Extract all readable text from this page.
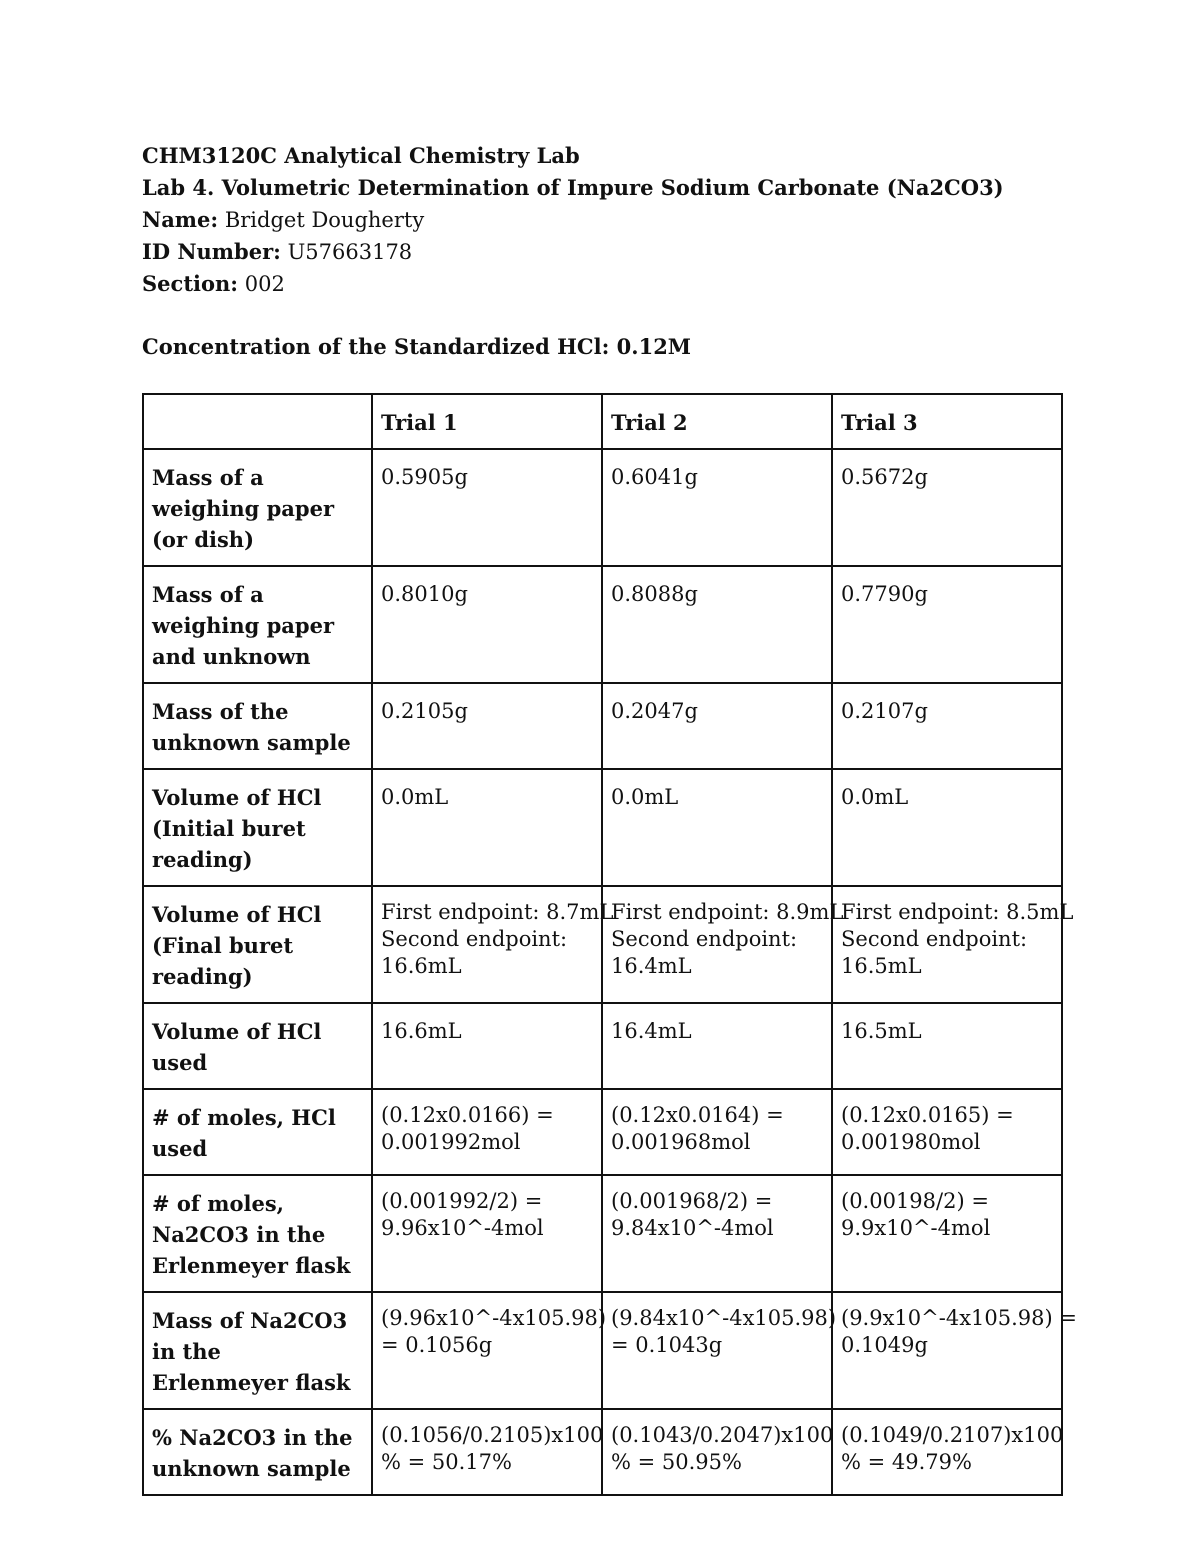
CHM3120C Analytical Chemistry Lab
Lab 4. Volumetric Determination of Impure Sodium Carbonate (Na2CO3)
Name: Bridget Dougherty
ID Number: U57663178
Section: 002
Concentration of the Standardized HCl: 0.12M
	Trial 1	Trial 2	Trial 3
Mass of a weighing paper (or dish)	0.5905g	0.6041g	0.5672g

Mass of a weighing paper and unknown	0.8010g	0.8088g	0.7790g

Mass of the unknown sample	0.2105g	0.2047g	0.2107g

Volume of HCl (Initial buret reading)	0.0mL	0.0mL	0.0mL

Volume of HCl (Final buret reading)	First endpoint: 8.7mL
Second endpoint:
16.6mL	First endpoint: 8.9mL
Second endpoint:
16.4mL	First endpoint: 8.5mL
Second endpoint:
16.5mL

Volume of HCl used	16.6mL	16.4mL	16.5mL

# of moles, HCl used	(0.12x0.0166) =
0.001992mol	(0.12x0.0164) =
0.001968mol	(0.12x0.0165) =
0.001980mol

# of moles, Na2CO3 in the Erlenmeyer flask	(0.001992/2) =
9.96x10^-4mol	(0.001968/2) =
9.84x10^-4mol	(0.00198/2) =
9.9x10^-4mol

Mass of Na2CO3 in the Erlenmeyer flask	(9.96x10^-4x105.98)
= 0.1056g	(9.84x10^-4x105.98)
= 0.1043g	(9.9x10^-4x105.98) =
0.1049g

% Na2CO3 in the unknown sample	(0.1056/0.2105)x100
% = 50.17%	(0.1043/0.2047)x100
% = 50.95%	(0.1049/0.2107)x100
% = 49.79%
